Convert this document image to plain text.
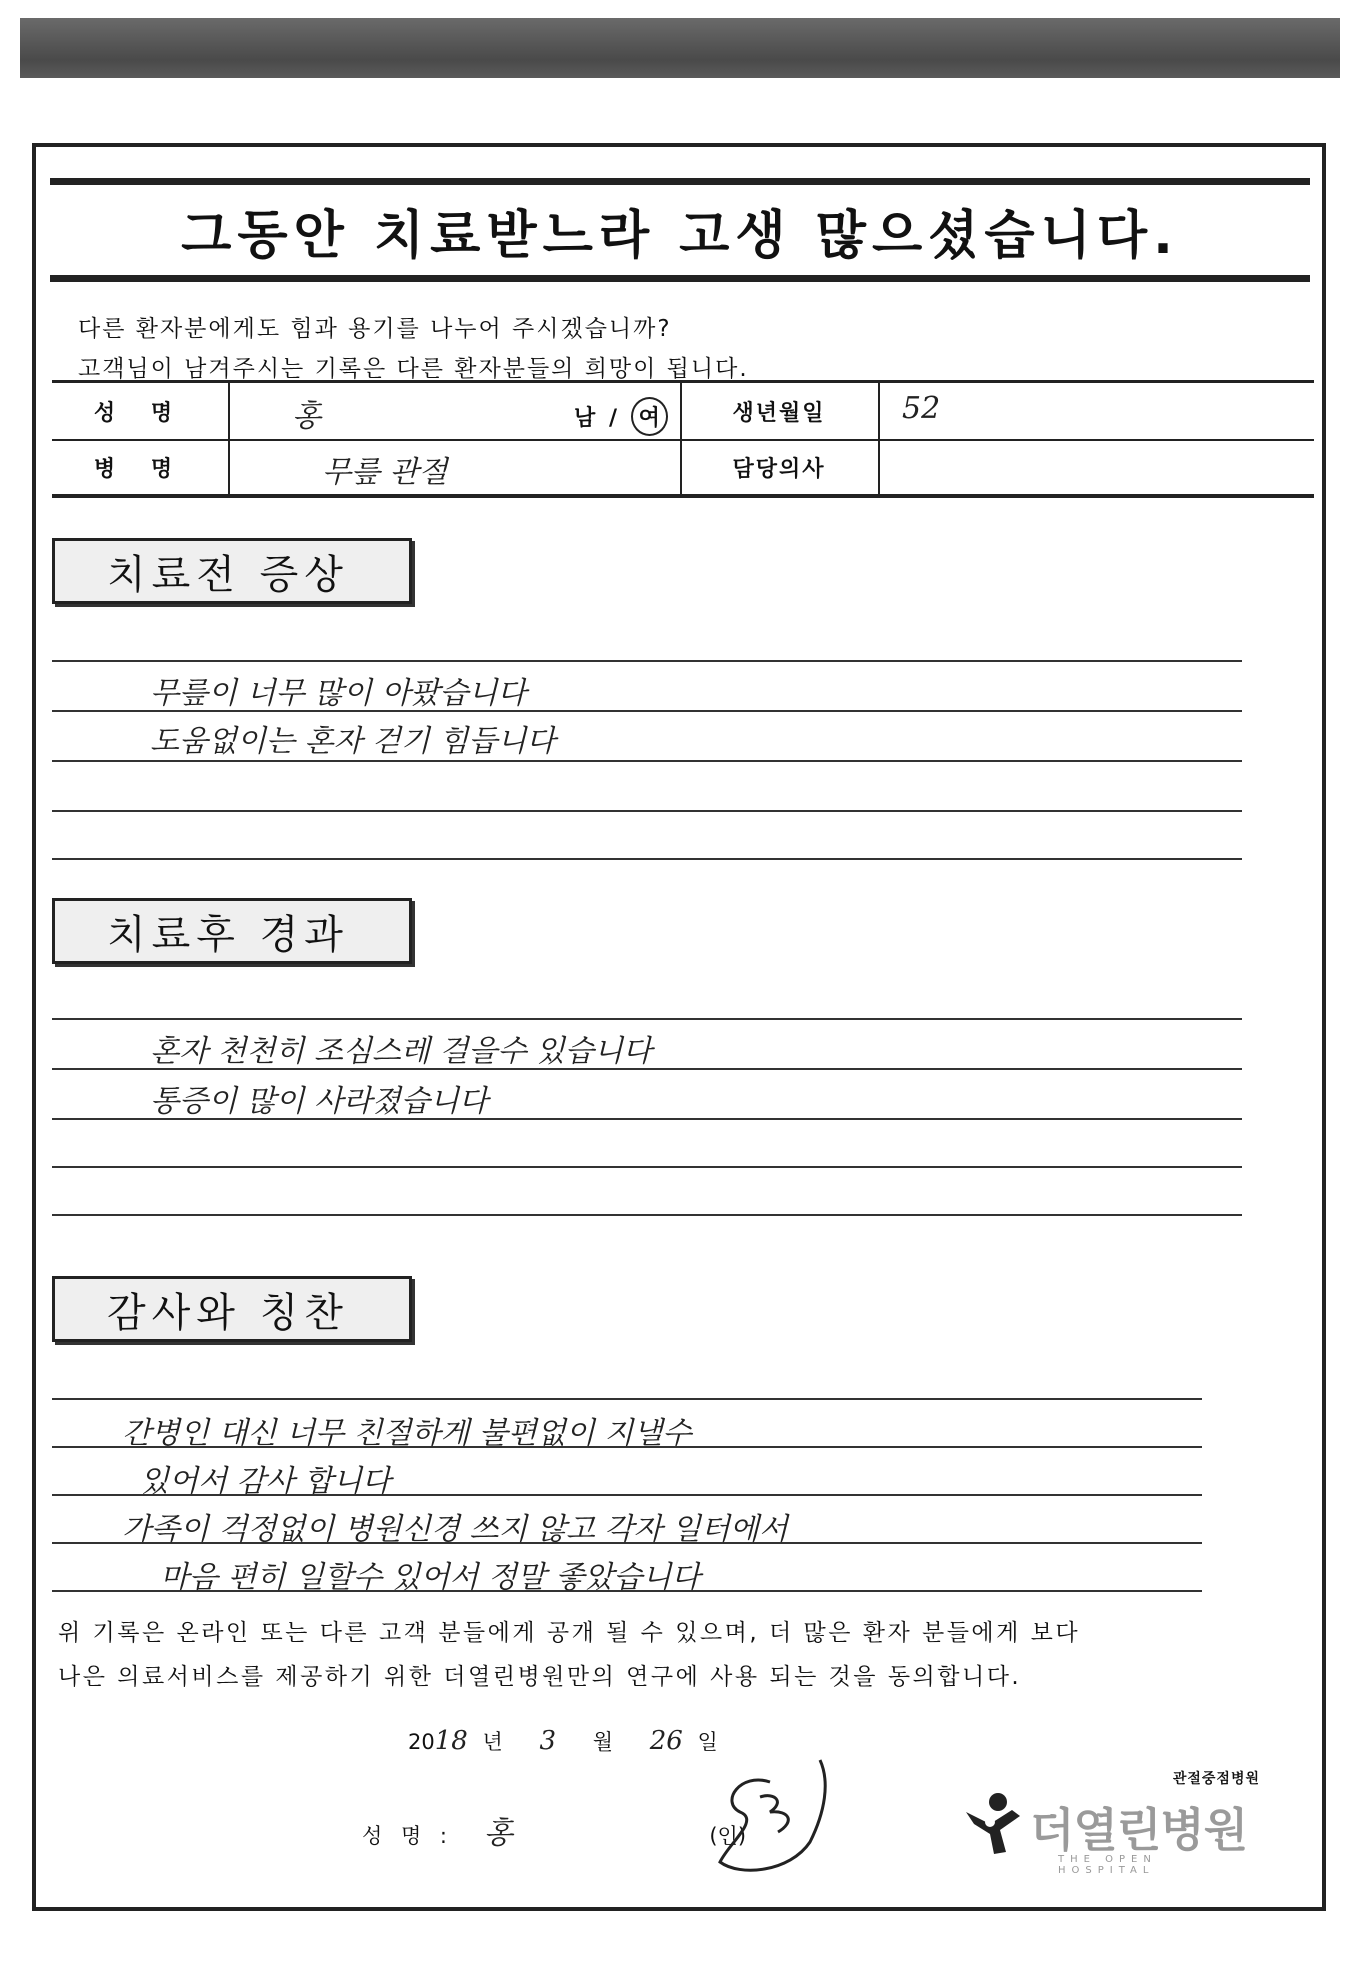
그동안 치료받느라 고생 많으셨습니다.
다른 환자분에게도 힘과 용기를 나누어 주시겠습니까?
고객님이 남겨주시는 기록은 다른 환자분들의 희망이 됩니다.
성 명	홍	남 / 여	생년월일	52
병 명	무릎 관절	담당의사
치료전 증상
무릎이 너무 많이 아팠습니다
도움없이는 혼자 걷기 힘듭니다
치료후 경과
혼자 천천히 조심스레 걸을수 있습니다
통증이 많이 사라졌습니다
감사와 칭찬
간병인 대신 너무 친절하게 불편없이 지낼수
있어서 감사 합니다
가족이 걱정없이 병원신경 쓰지 않고 각자 일터에서
마음 편히 일할수 있어서 정말 좋았습니다
위 기록은 온라인 또는 다른 고객 분들에게 공개 될 수 있으며, 더 많은 환자 분들에게 보다
나은 의료서비스를 제공하기 위한 더열린병원만의 연구에 사용 되는 것을 동의합니다.
2018 년 3 월 26 일
성 명 : 홍	(인)
관절중점병원
더열린병원
THE OPEN HOSPITAL
